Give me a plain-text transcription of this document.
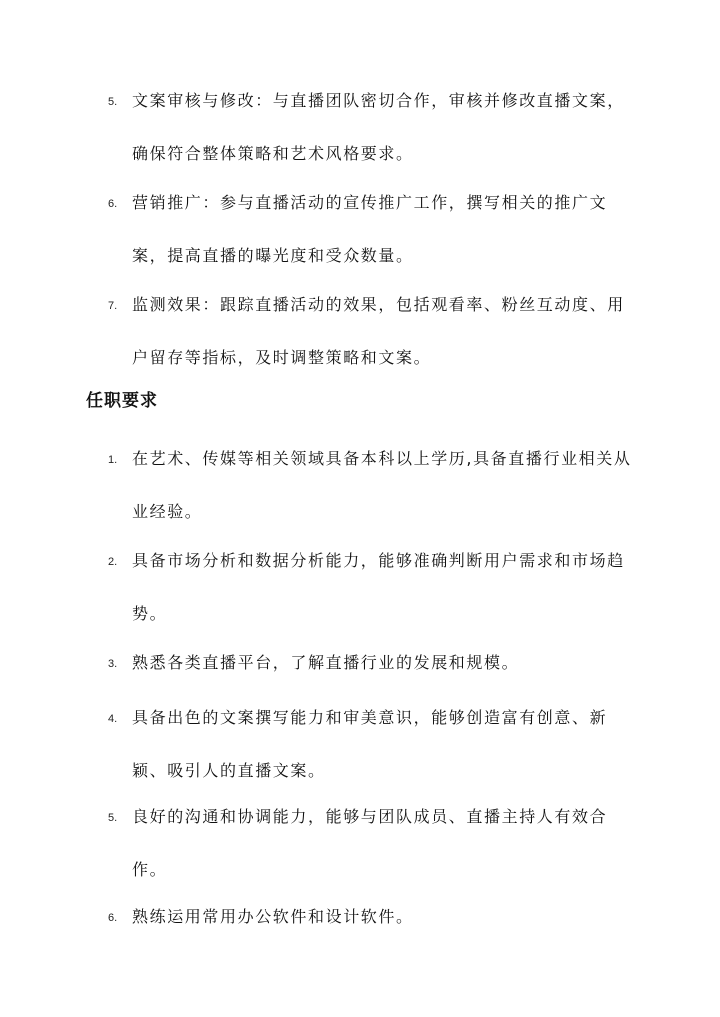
5. 文案审核与修改：与直播团队密切合作，审核并修改直播文案，确保符合整体策略和艺术风格要求。
6. 营销推广：参与直播活动的宣传推广工作，撰写相关的推广文案，提高直播的曝光度和受众数量。
7. 监测效果：跟踪直播活动的效果，包括观看率、粉丝互动度、用户留存等指标，及时调整策略和文案。
任职要求
1. 在艺术、传媒等相关领域具备本科以上学历,具备直播行业相关从业经验。
2. 具备市场分析和数据分析能力，能够准确判断用户需求和市场趋势。
3. 熟悉各类直播平台，了解直播行业的发展和规模。
4. 具备出色的文案撰写能力和审美意识，能够创造富有创意、新颖、吸引人的直播文案。
5. 良好的沟通和协调能力，能够与团队成员、直播主持人有效合作。
6. 熟练运用常用办公软件和设计软件。
